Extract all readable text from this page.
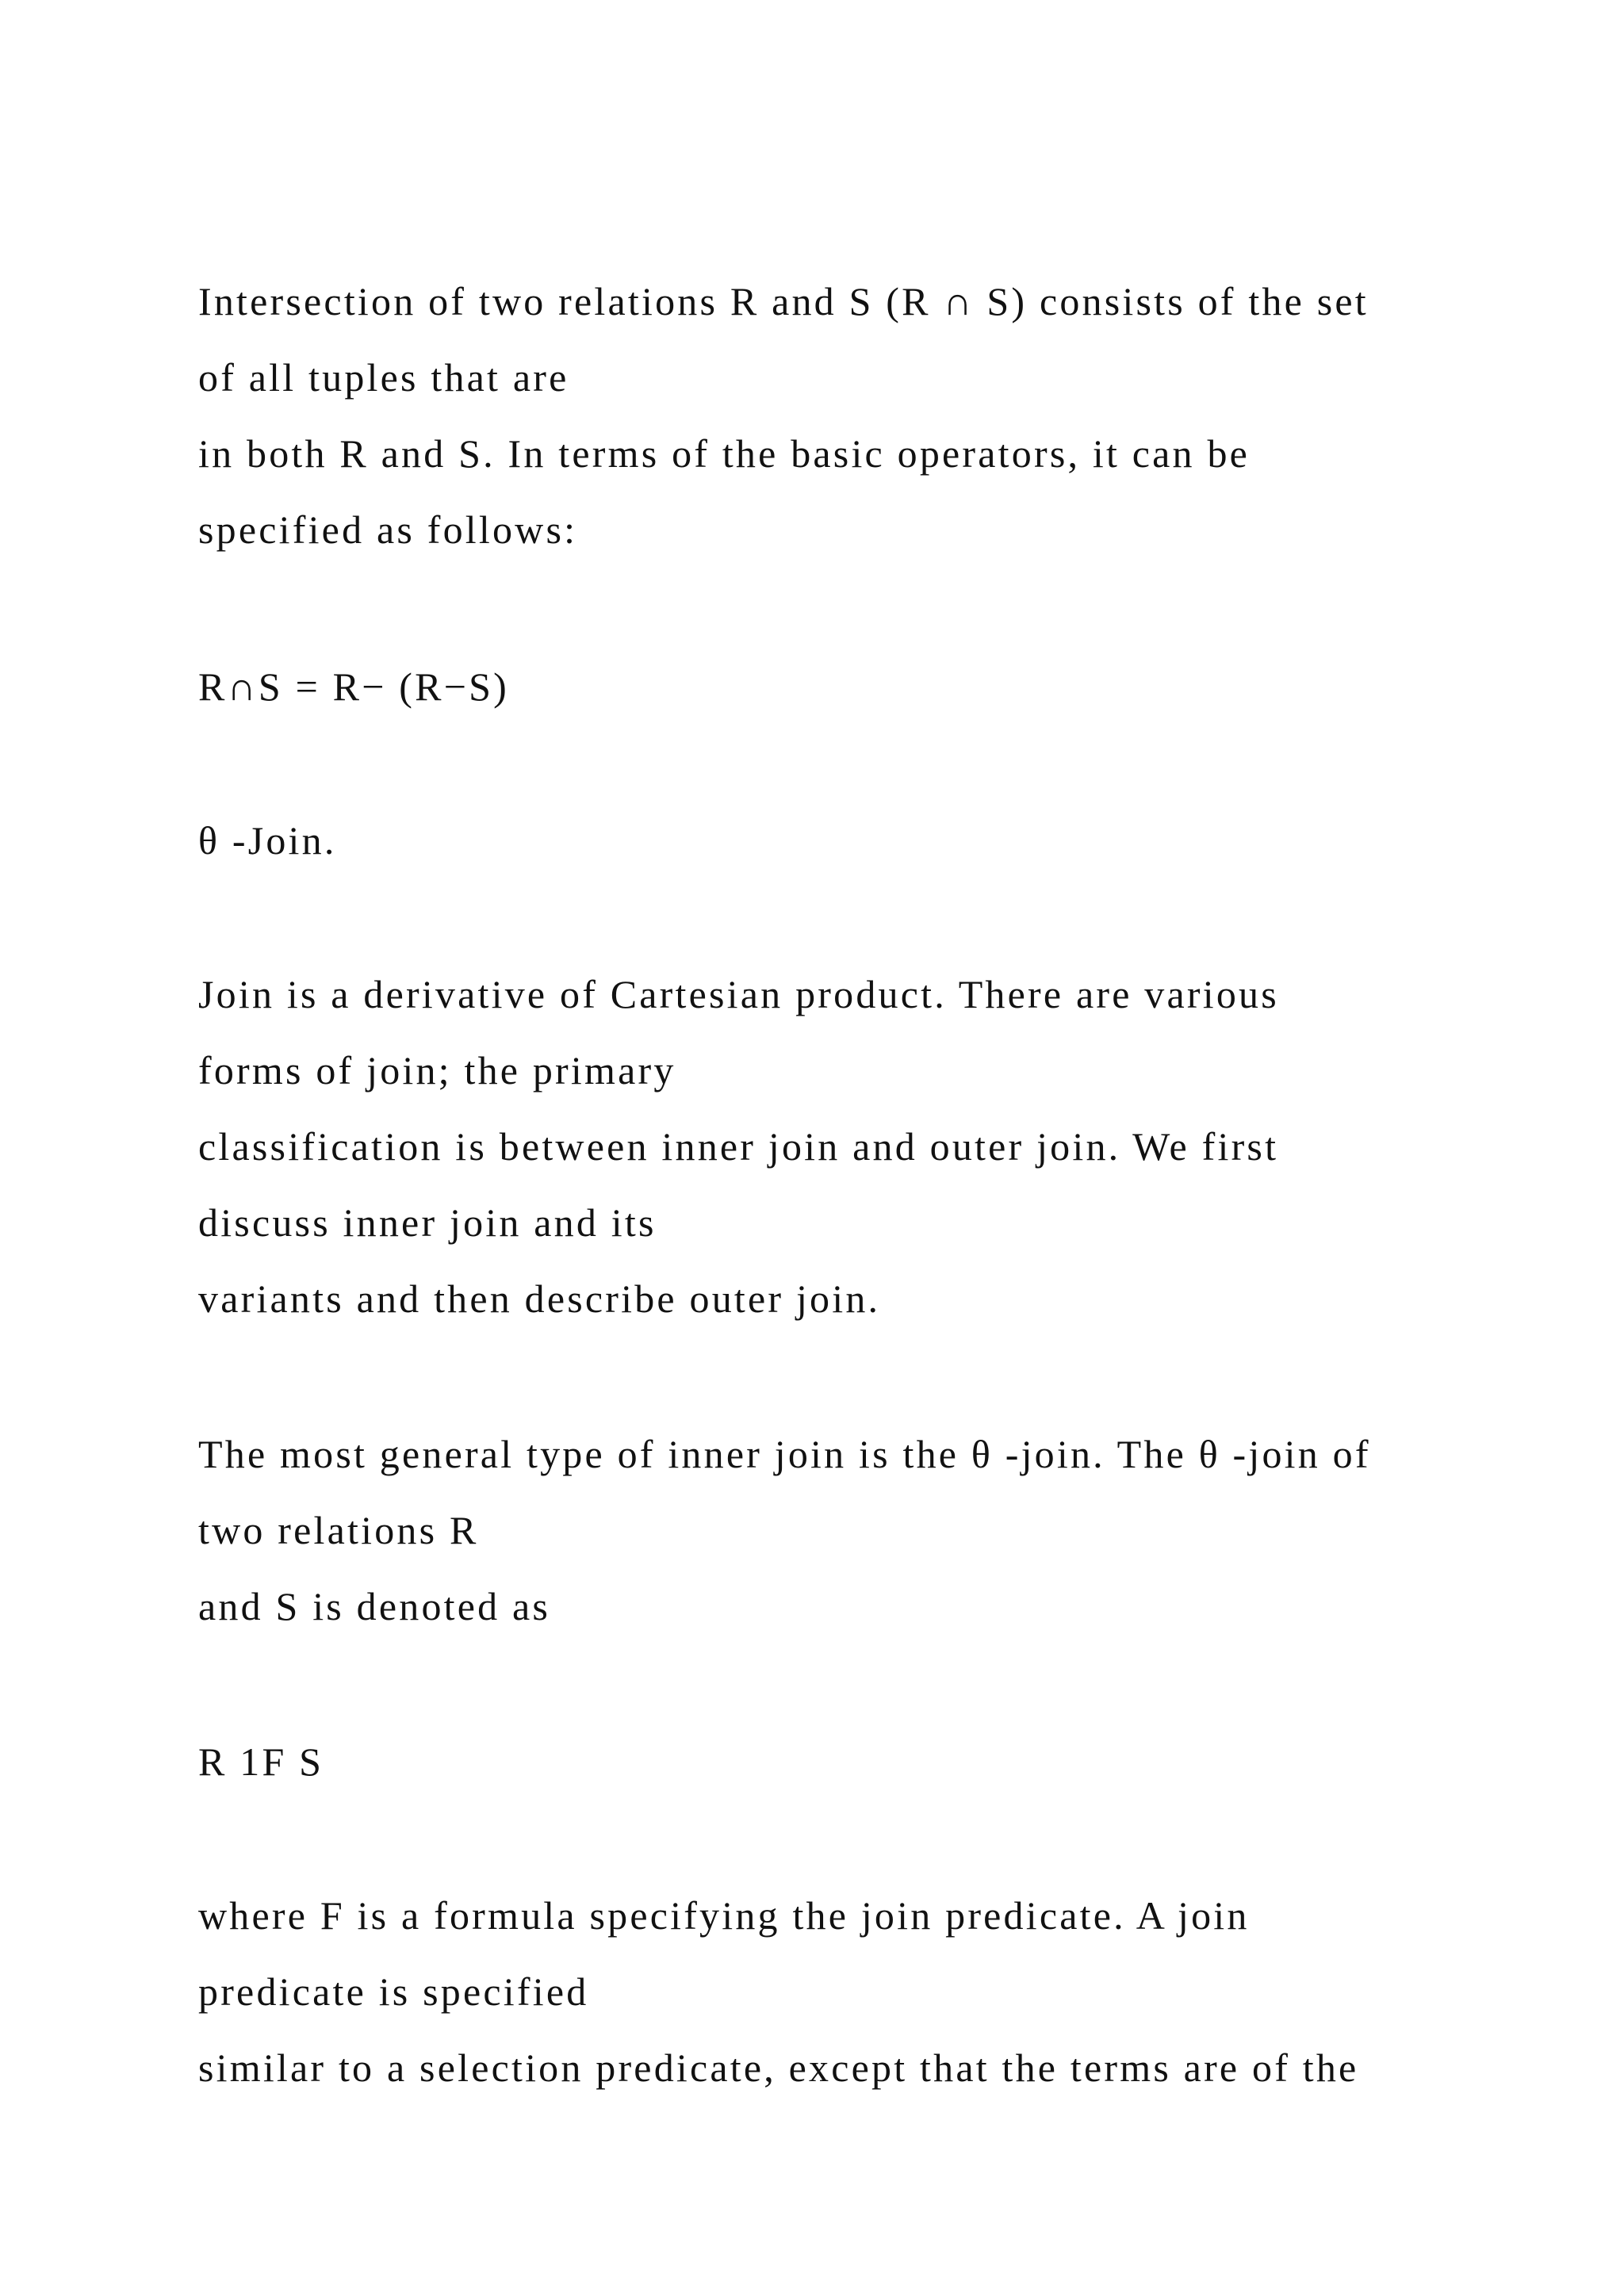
Intersection of two relations R and S (R ∩ S) consists of the set

of all tuples that are

in both R and S. In terms of the basic operators, it can be

specified as follows:

R∩S = R− (R−S)

θ -Join.

Join is a derivative of Cartesian product. There are various

forms of join; the primary

classification is between inner join and outer join. We first

discuss inner join and its

variants and then describe outer join.

The most general type of inner join is the θ -join. The θ -join of

two relations R

and S is denoted as

R 1F S

where F is a formula specifying the join predicate. A join

predicate is specified

similar to a selection predicate, except that the terms are of the
